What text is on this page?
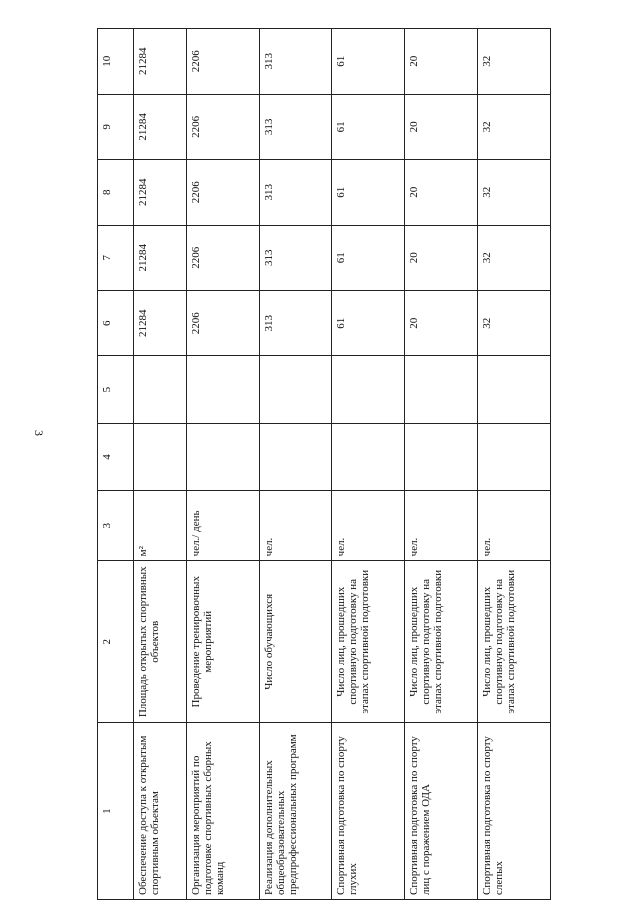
3
1	2	3	4	5	6	7	8	9	10
Обеспечение доступа к открытым спортивным объектам	Площадь открытых спортивных объектов	м²			21284	21284	21284	21284	21284
Организация мероприятий по подготовке спортивных сборных команд	Проведение тренировочных мероприятий	чел./ день			2206	2206	2206	2206	2206
Реализация дополнительных общеобразовательных предпрофессиональных программ	Число обучающихся	чел.			313	313	313	313	313
Спортивная подготовка по спорту глухих	Число лиц, прошедших спортивную подготовку на этапах спортивной подготовки	чел.			61	61	61	61	61
Спортивная подготовка по спорту лиц с поражением ОДА	Число лиц, прошедших спортивную подготовку на этапах спортивной подготовки	чел.			20	20	20	20	20
Спортивная подготовка по спорту слепых	Число лиц, прошедших спортивную подготовку на этапах спортивной подготовки	чел.			32	32	32	32	32
